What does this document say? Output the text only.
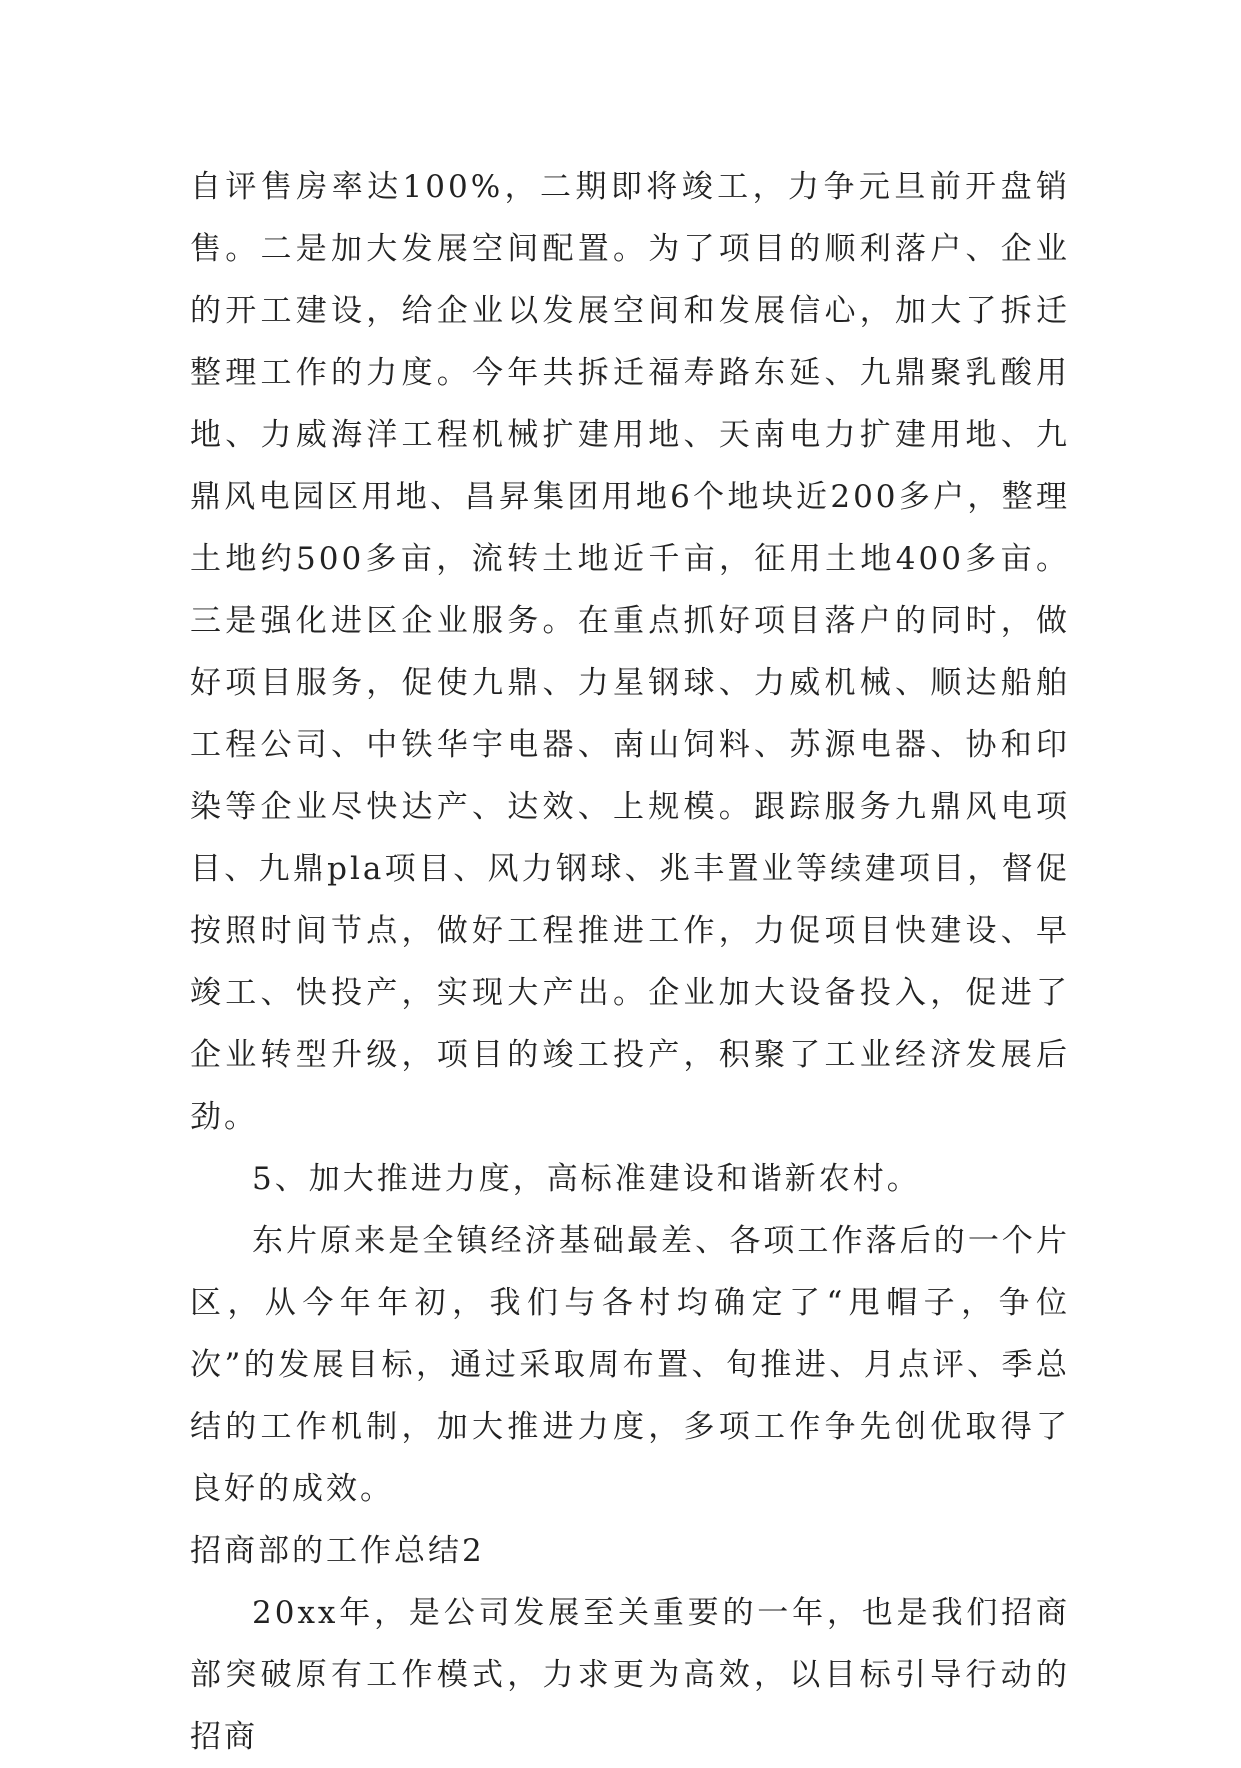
自评售房率达100%，二期即将竣工，力争元旦前开盘销售。二是加大发展空间配置。为了项目的顺利落户、企业的开工建设，给企业以发展空间和发展信心，加大了拆迁整理工作的力度。今年共拆迁福寿路东延、九鼎聚乳酸用地、力威海洋工程机械扩建用地、天南电力扩建用地、九鼎风电园区用地、昌昇集团用地6个地块近200多户，整理土地约500多亩，流转土地近千亩，征用土地400多亩。三是强化进区企业服务。在重点抓好项目落户的同时，做好项目服务，促使九鼎、力星钢球、力威机械、顺达船舶工程公司、中铁华宇电器、南山饲料、苏源电器、协和印染等企业尽快达产、达效、上规模。跟踪服务九鼎风电项目、九鼎pla项目、风力钢球、兆丰置业等续建项目，督促按照时间节点，做好工程推进工作，力促项目快建设、早竣工、快投产，实现大产出。企业加大设备投入，促进了企业转型升级，项目的竣工投产，积聚了工业经济发展后劲。

5、加大推进力度，高标准建设和谐新农村。

东片原来是全镇经济基础最差、各项工作落后的一个片区，从今年年初，我们与各村均确定了“甩帽子，争位次”的发展目标，通过采取周布置、旬推进、月点评、季总结的工作机制，加大推进力度，多项工作争先创优取得了良好的成效。

招商部的工作总结2

20xx年，是公司发展至关重要的一年，也是我们招商部突破原有工作模式，力求更为高效，以目标引导行动的招商
